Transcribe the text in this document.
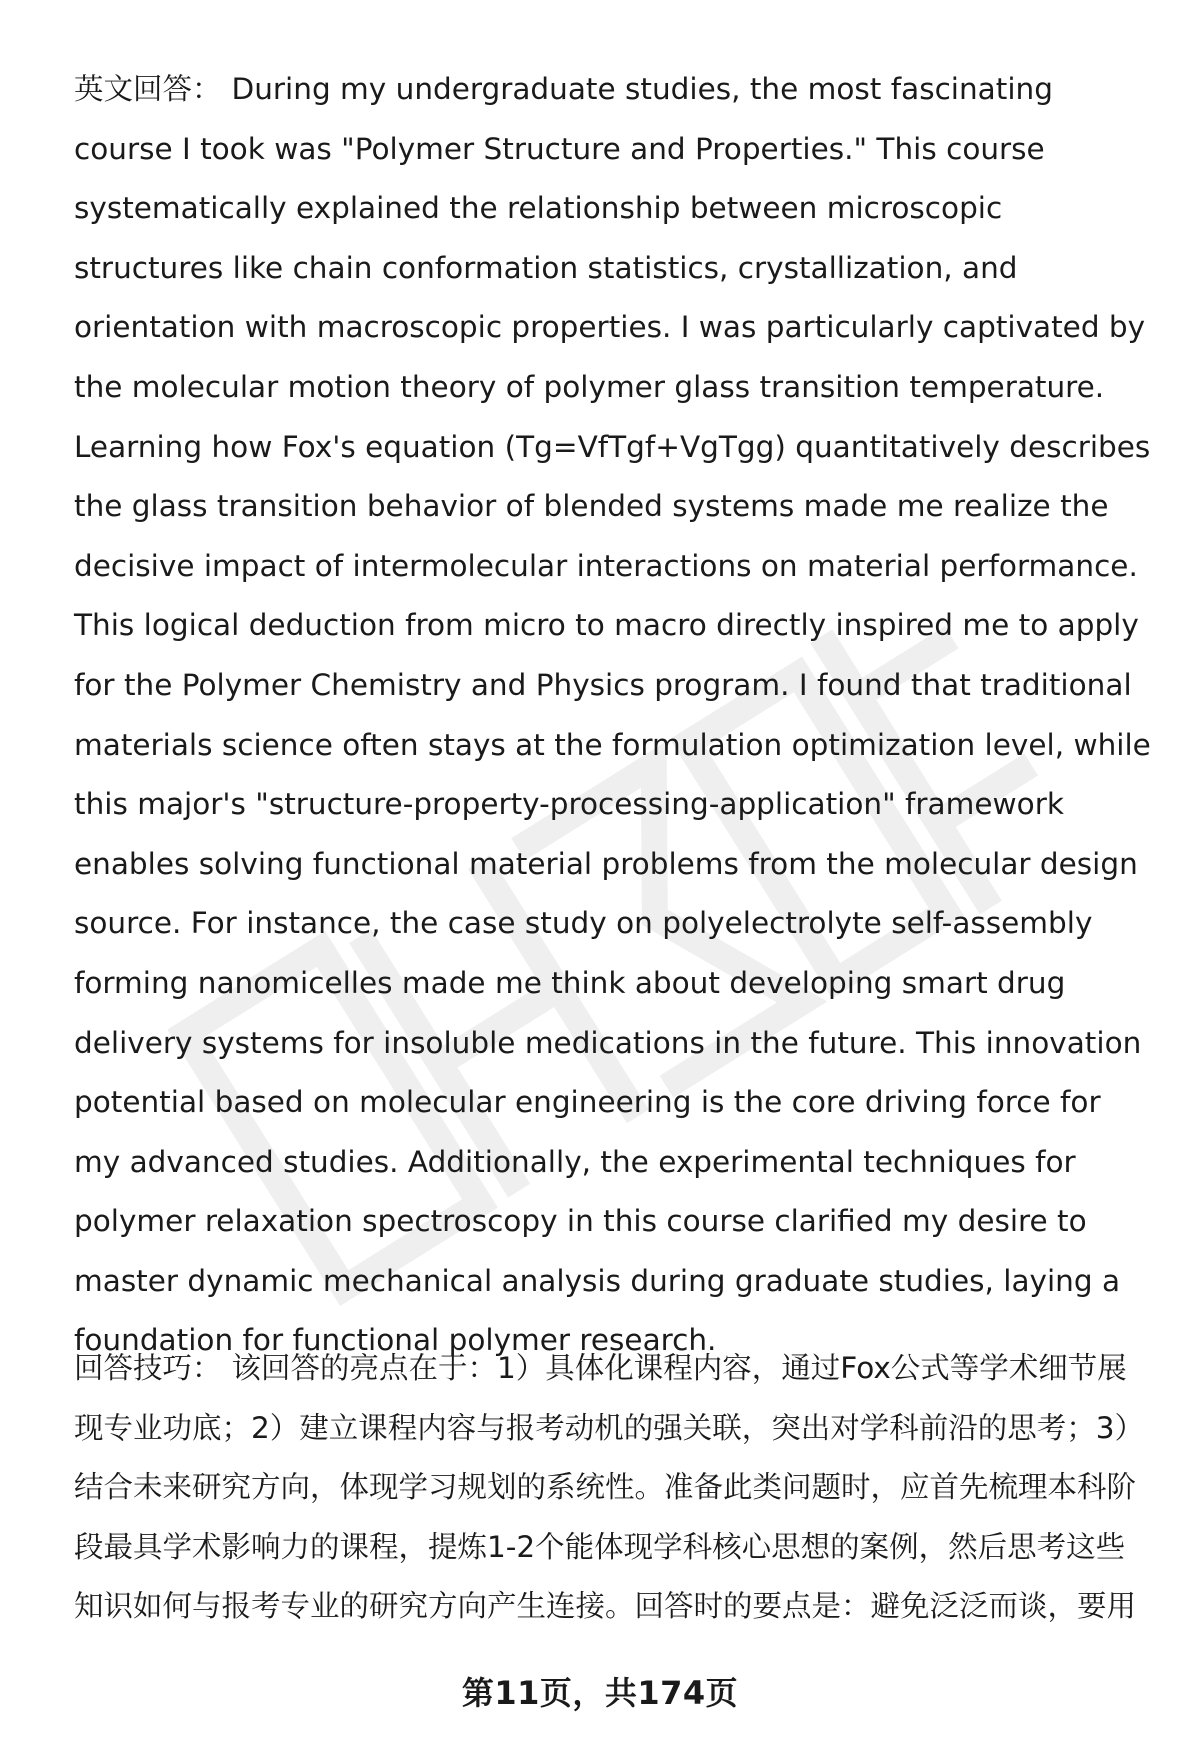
英文回答： During my undergraduate studies, the most fascinating course I took was "Polymer Structure and Properties." This course systematically explained the relationship between microscopic structures like chain conformation statistics, crystallization, and orientation with macroscopic properties. I was particularly captivated by the molecular motion theory of polymer glass transition temperature. Learning how Fox's equation (Tg=VfTgf+VgTgg) quantitatively describes the glass transition behavior of blended systems made me realize the decisive impact of intermolecular interactions on material performance. This logical deduction from micro to macro directly inspired me to apply for the Polymer Chemistry and Physics program. I found that traditional materials science often stays at the formulation optimization level, while this major's "structure-property-processing-application" framework enables solving functional material problems from the molecular design source. For instance, the case study on polyelectrolyte self-assembly forming nanomicelles made me think about developing smart drug delivery systems for insoluble medications in the future. This innovation potential based on molecular engineering is the core driving force for my advanced studies. Additionally, the experimental techniques for polymer relaxation spectroscopy in this course clarified my desire to master dynamic mechanical analysis during graduate studies, laying a foundation for functional polymer research.

回答技巧： 该回答的亮点在于：1）具体化课程内容，通过Fox公式等学术细节展现专业功底；2）建立课程内容与报考动机的强关联，突出对学科前沿的思考；3）结合未来研究方向，体现学习规划的系统性。准备此类问题时，应首先梳理本科阶段最具学术影响力的课程，提炼1-2个能体现学科核心思想的案例，然后思考这些知识如何与报考专业的研究方向产生连接。回答时的要点是：避免泛泛而谈，要用

第11页，共174页
